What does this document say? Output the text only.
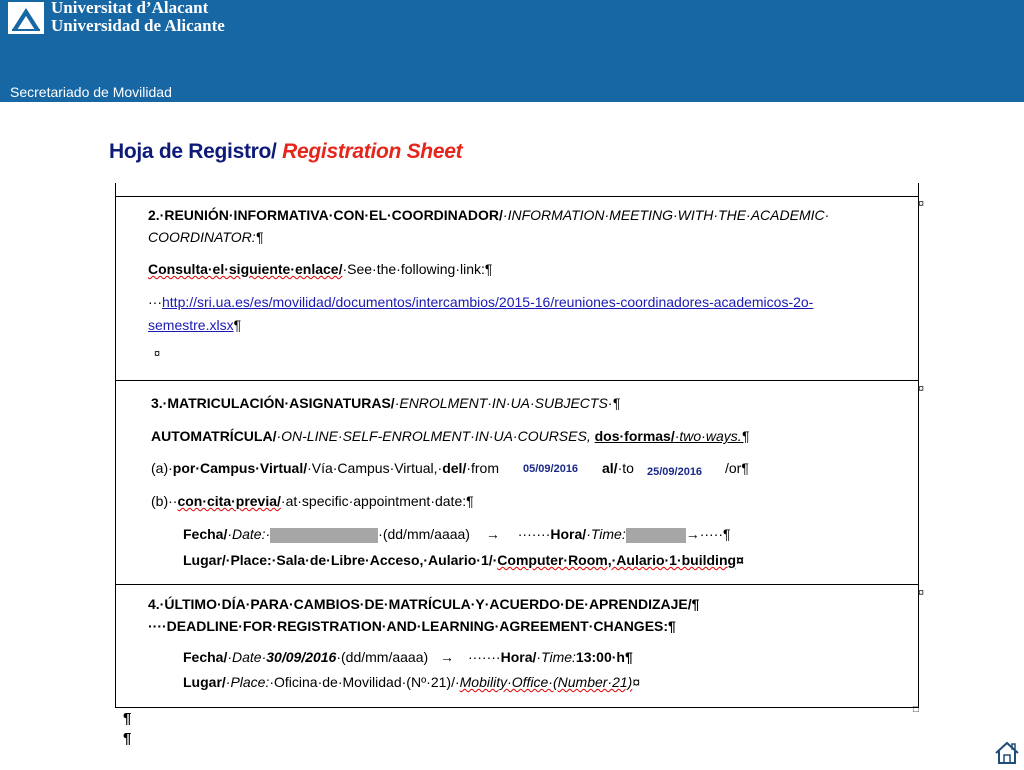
Universitat d’Alacant
Universidad de Alicante
Secretariado de Movilidad
Hoja de Registro/ Registration Sheet
2.·REUNIÓN·INFORMATIVA·CON·EL·COORDINADOR/·INFORMATION·MEETING·WITH·THE·ACADEMIC·
COORDINATOR:¶
Consulta·el·siguiente·enlace/·See·the·following·link:¶
···http://sri.ua.es/es/movilidad/documentos/intercambios/2015-16/reuniones-coordinadores-academicos-2o-
semestre.xlsx¶
¤
3.·MATRICULACIÓN·ASIGNATURAS/·ENROLMENT·IN·UA·SUBJECTS·¶
AUTOMATRÍCULA/·ON-LINE·SELF-ENROLMENT·IN·UA·COURSES, dos·formas/·two·ways.¶
(a)·por·Campus·Virtual/·Vía·Campus·Virtual,·del/·from 05/09/2016 al/·to 25/09/2016 /or¶
(b)··con·cita·previa/·at·specific·appointment·date:¶
Fecha/·Date:·	·(dd/mm/aaaa) → ·······Hora/·Time:	→·····¶
Lugar/·Place:·Sala·de·Libre·Acceso,·Aulario·1/·Computer·Room,·Aulario·1·building¤
4.·ÚLTIMO·DÍA·PARA·CAMBIOS·DE·MATRÍCULA·Y·ACUERDO·DE·APRENDIZAJE/¶
····DEADLINE·FOR·REGISTRATION·AND·LEARNING·AGREEMENT·CHANGES:¶
Fecha/·Date·30/09/2016·(dd/mm/aaaa) → ·······Hora/·Time:13:00·h¶
Lugar/·Place:·Oficina·de·Movilidad·(Nº·21)/·Mobility·Office·(Number·21)¤
¤
¤
¤
□
¶
¶
